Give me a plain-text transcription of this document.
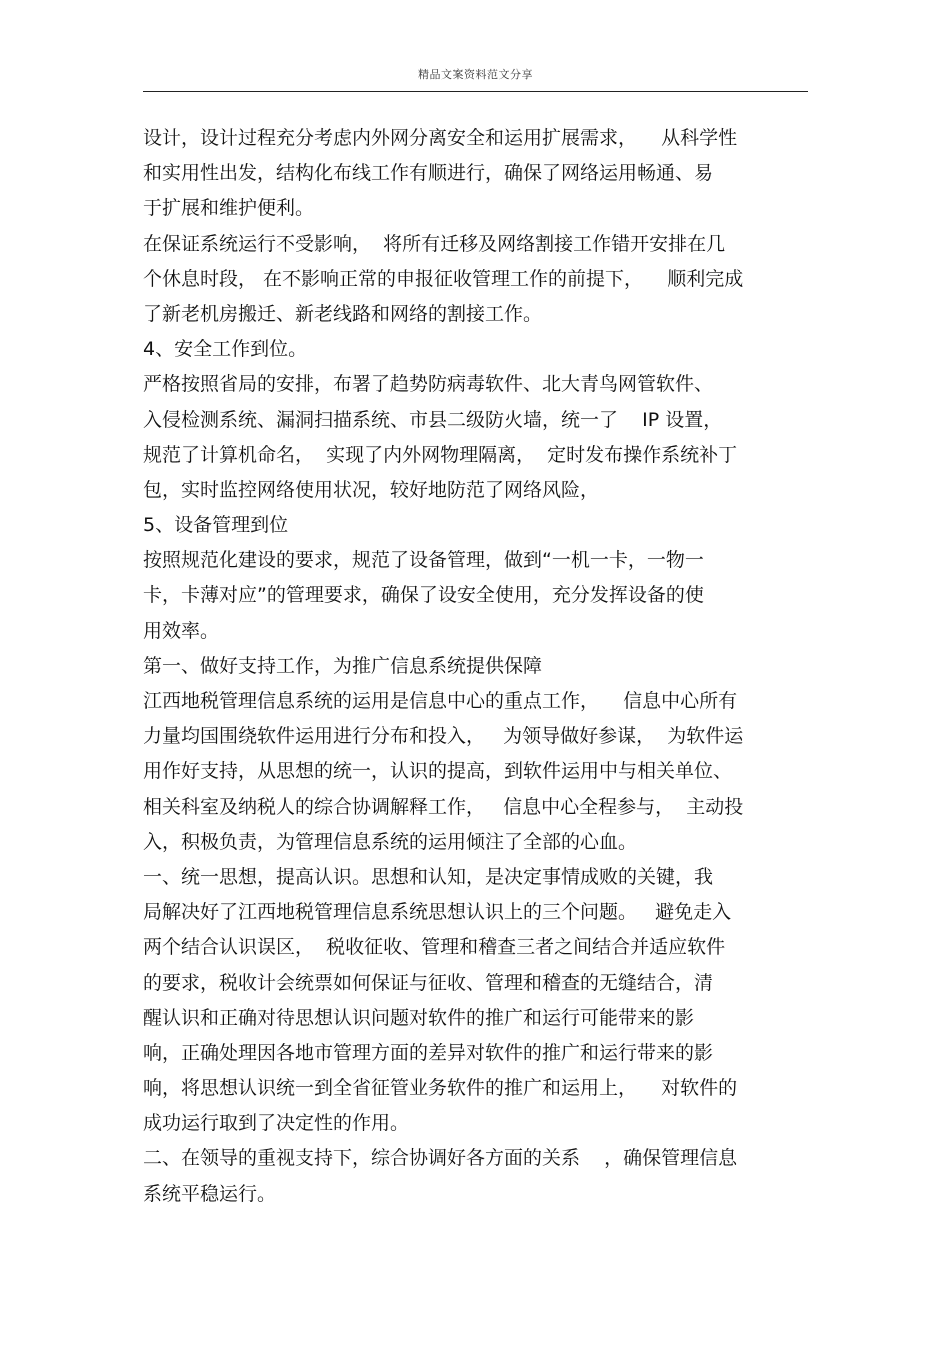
精品文案资料范文分享
设计，设计过程充分考虑内外网分离安全和运用扩展需求，    从科学性
和实用性出发，结构化布线工作有顺进行，确保了网络运用畅通、易
于扩展和维护便利。
在保证系统运行不受影响，  将所有迁移及网络割接工作错开安排在几
个休息时段， 在不影响正常的申报征收管理工作的前提下，    顺利完成
了新老机房搬迁、新老线路和网络的割接工作。
4、安全工作到位。
严格按照省局的安排，布署了趋势防病毒软件、北大青鸟网管软件、
入侵检测系统、漏洞扫描系统、市县二级防火墙，统一了    IP 设置，
规范了计算机命名，  实现了内外网物理隔离，  定时发布操作系统补丁
包，实时监控网络使用状况，较好地防范了网络风险，
5、设备管理到位
按照规范化建设的要求，规范了设备管理，做到“一机一卡，一物一
卡，卡薄对应”的管理要求，确保了设安全使用，充分发挥设备的使
用效率。
第一、做好支持工作，为推广信息系统提供保障
江西地税管理信息系统的运用是信息中心的重点工作，    信息中心所有
力量均国围绕软件运用进行分布和投入，   为领导做好参谋，  为软件运
用作好支持，从思想的统一，认识的提高，到软件运用中与相关单位、
相关科室及纳税人的综合协调解释工作，   信息中心全程参与，  主动投
入，积极负责，为管理信息系统的运用倾注了全部的心血。
一、统一思想，提高认识。思想和认知，是决定事情成败的关键，我
局解决好了江西地税管理信息系统思想认识上的三个问题。   避免走入
两个结合认识误区，  税收征收、管理和稽查三者之间结合并适应软件
的要求，税收计会统票如何保证与征收、管理和稽查的无缝结合，清
醒认识和正确对待思想认识问题对软件的推广和运行可能带来的影
响，正确处理因各地市管理方面的差异对软件的推广和运行带来的影
响，将思想认识统一到全省征管业务软件的推广和运用上，    对软件的
成功运行取到了决定性的作用。
二、在领导的重视支持下，综合协调好各方面的关系    ，确保管理信息
系统平稳运行。
